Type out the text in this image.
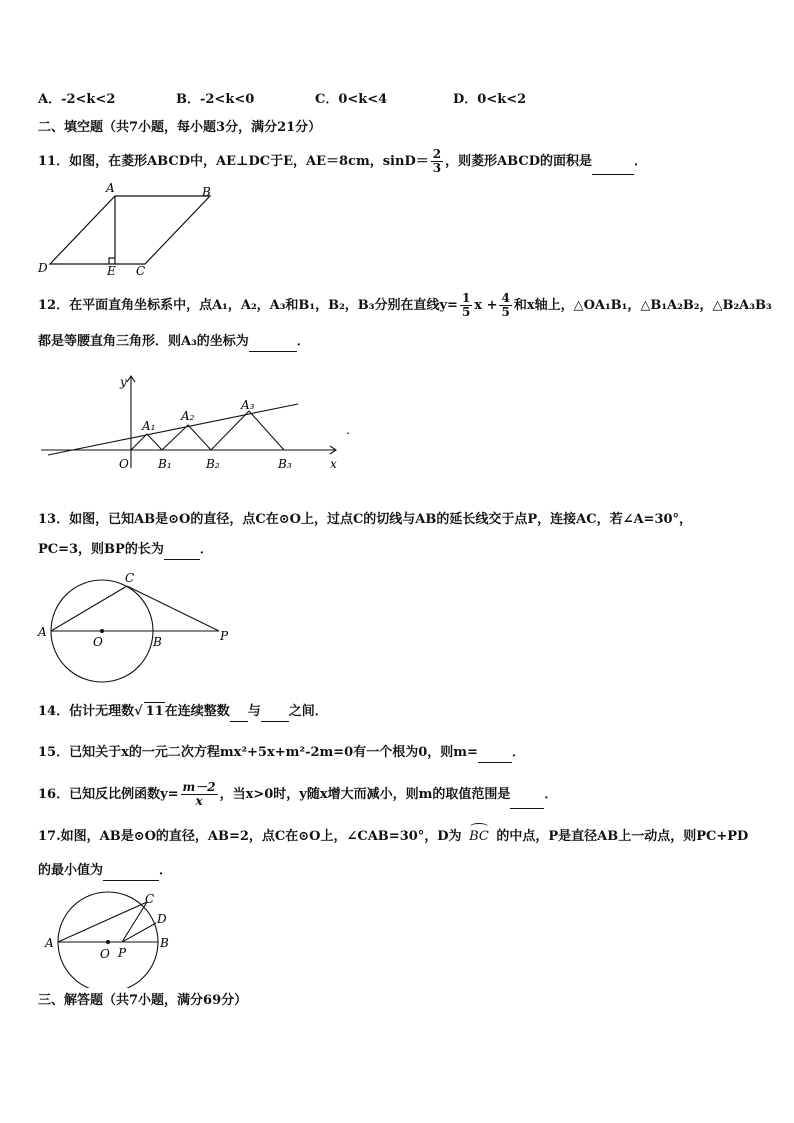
A．-2<k<2	B．-2<k<0	C．0<k<4	D．0<k<2
二、填空题（共7小题，每小题3分，满分21分）
11．如图，在菱形ABCD中，AE⊥DC于E，AE＝8cm，$\sin D= \frac{2}{3}$ ，则菱形ABCD的面积是	．
A	B
C
D	E
12．在平面直角坐标系中，点A₁，A₂，A₃和B₁，B₂，B₃分别在直线$y= \frac{1}{5}$ $x + \frac{4}{5}$ 和x轴上，△OA₁B₁，△B₁A₂B₂，△B₂A₃B₃
都是等腰直角三角形．则A₃的坐标为	．
y
x
O
A₁
A₂
A₃
B₁	B₂	B₃
.
13．如图，已知AB是⊙O的直径，点C在⊙O上，过点C的切线与AB的延长线交于点P，连接AC，若∠A=30°，
PC=3，则BP的长为	．
A
B
C
O	P
14．估计无理数√ 11在连续整数 与 之间．
15．已知关于x的一元二次方程mx²+5x+m²-2m=0有一个根为0，则m=	．
16．已知反比例函数$y= \frac{m-2}{x}$ ，当x>0时，y随x增大而减小，则m的取值范围是	．
17.如图，AB是⊙O的直径，AB=2，点C在⊙O上，∠CAB=30°，D为 BC 的中点，P是直径AB上一动点，则PC+PD
的最小值为	．
A	B
C
D
O P
三、解答题（共7小题，满分69分）
